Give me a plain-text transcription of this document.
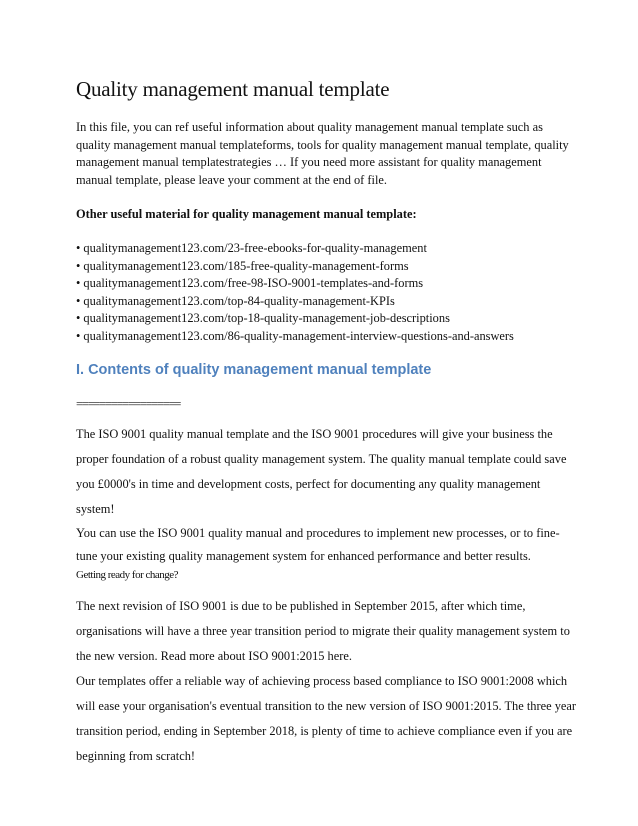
Quality management manual template

In this file, you can ref useful information about quality management manual template such as quality management manual templateforms, tools for quality management manual template, quality management manual templatestrategies … If you need more assistant for quality management manual template, please leave your comment at the end of file.

Other useful material for quality management manual template:

• qualitymanagement123.com/23-free-ebooks-for-quality-management
• qualitymanagement123.com/185-free-quality-management-forms
• qualitymanagement123.com/free-98-ISO-9001-templates-and-forms
• qualitymanagement123.com/top-84-quality-management-KPIs
• qualitymanagement123.com/top-18-quality-management-job-descriptions
• qualitymanagement123.com/86-quality-management-interview-questions-and-answers
I. Contents of quality management manual template
==================

The ISO 9001 quality manual template and the ISO 9001 procedures will give your business the proper foundation of a robust quality management system. The quality manual template could save you £0000's in time and development costs, perfect for documenting any quality management system!

You can use the ISO 9001 quality manual and procedures to implement new processes, or to fine-tune your existing quality management system for enhanced performance and better results.

Getting ready for change?

The next revision of ISO 9001 is due to be published in September 2015, after which time, organisations will have a three year transition period to migrate their quality management system to the new version. Read more about ISO 9001:2015 here.

Our templates offer a reliable way of achieving process based compliance to ISO 9001:2008 which will ease your organisation's eventual transition to the new version of ISO 9001:2015. The three year transition period, ending in September 2018, is plenty of time to achieve compliance even if you are beginning from scratch!
